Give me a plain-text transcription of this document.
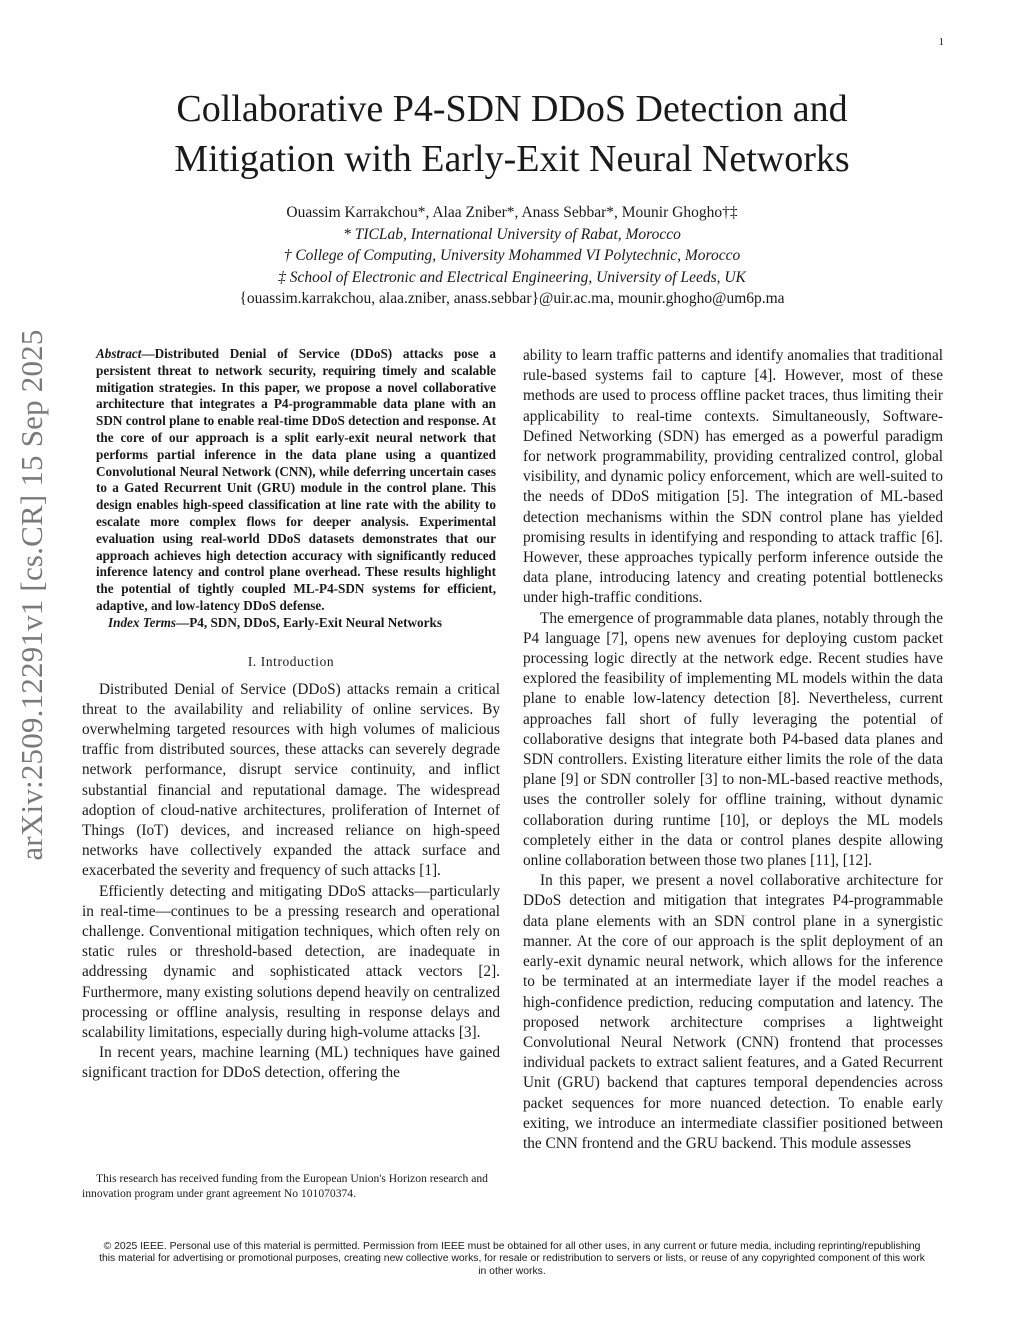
1
Collaborative P4-SDN DDoS Detection and
Mitigation with Early-Exit Neural Networks
Ouassim Karrakchou*, Alaa Zniber*, Anass Sebbar*, Mounir Ghogho†‡
* TICLab, International University of Rabat, Morocco
† College of Computing, University Mohammed VI Polytechnic, Morocco
‡ School of Electronic and Electrical Engineering, University of Leeds, UK
{ouassim.karrakchou, alaa.zniber, anass.sebbar}@uir.ac.ma, mounir.ghogho@um6p.ma
arXiv:2509.12291v1 [cs.CR] 15 Sep 2025	Abstract—Distributed Denial of Service (DDoS) attacks pose a persistent threat to network security, requiring timely and scalable mitigation strategies. In this paper, we propose a novel collaborative architecture that integrates a P4-programmable data plane with an SDN control plane to enable real-time DDoS detection and response. At the core of our approach is a split early-exit neural network that performs partial inference in the data plane using a quantized Convolutional Neural Network (CNN), while deferring uncertain cases to a Gated Recurrent Unit (GRU) module in the control plane. This design enables high-speed classification at line rate with the ability to escalate more complex flows for deeper analysis. Experimental evaluation using real-world DDoS datasets demonstrates that our approach achieves high detection accuracy with significantly reduced inference latency and control plane overhead. These results highlight the potential of tightly coupled ML-P4-SDN systems for efficient, adaptive, and low-latency DDoS defense.

Index Terms—P4, SDN, DDoS, Early-Exit Neural Networks

I. Introduction

Distributed Denial of Service (DDoS) attacks remain a critical threat to the availability and reliability of online services. By overwhelming targeted resources with high volumes of malicious traffic from distributed sources, these attacks can severely degrade network performance, disrupt service continuity, and inflict substantial financial and reputational damage. The widespread adoption of cloud-native architectures, proliferation of Internet of Things (IoT) devices, and increased reliance on high-speed networks have collectively expanded the attack surface and exacerbated the severity and frequency of such attacks [1].

Efficiently detecting and mitigating DDoS attacks—particularly in real-time—continues to be a pressing research and operational challenge. Conventional mitigation techniques, which often rely on static rules or threshold-based detection, are inadequate in addressing dynamic and sophisticated attack vectors [2]. Furthermore, many existing solutions depend heavily on centralized processing or offline analysis, resulting in response delays and scalability limitations, especially during high-volume attacks [3].

In recent years, machine learning (ML) techniques have gained significant traction for DDoS detection, offering the

ability to learn traffic patterns and identify anomalies that traditional rule-based systems fail to capture [4]. However, most of these methods are used to process offline packet traces, thus limiting their applicability to real-time contexts. Simultaneously, Software-Defined Networking (SDN) has emerged as a powerful paradigm for network programmability, providing centralized control, global visibility, and dynamic policy enforcement, which are well-suited to the needs of DDoS mitigation [5]. The integration of ML-based detection mechanisms within the SDN control plane has yielded promising results in identifying and responding to attack traffic [6]. However, these approaches typically perform inference outside the data plane, introducing latency and creating potential bottlenecks under high-traffic conditions.

The emergence of programmable data planes, notably through the P4 language [7], opens new avenues for deploying custom packet processing logic directly at the network edge. Recent studies have explored the feasibility of implementing ML models within the data plane to enable low-latency detection [8]. Nevertheless, current approaches fall short of fully leveraging the potential of collaborative designs that integrate both P4-based data planes and SDN controllers. Existing literature either limits the role of the data plane [9] or SDN controller [3] to non-ML-based reactive methods, uses the controller solely for offline training, without dynamic collaboration during runtime [10], or deploys the ML models completely either in the data or control planes despite allowing online collaboration between those two planes [11], [12].

In this paper, we present a novel collaborative architecture for DDoS detection and mitigation that integrates P4-programmable data plane elements with an SDN control plane in a synergistic manner. At the core of our approach is the split deployment of an early-exit dynamic neural network, which allows for the inference to be terminated at an intermediate layer if the model reaches a high-confidence prediction, reducing computation and latency. The proposed network architecture comprises a lightweight Convolutional Neural Network (CNN) frontend that processes individual packets to extract salient features, and a Gated Recurrent Unit (GRU) backend that captures temporal dependencies across packet sequences for more nuanced detection. To enable early exiting, we introduce an intermediate classifier positioned between the CNN frontend and the GRU backend. This module assesses

This research has received funding from the European Union's Horizon research and innovation program under grant agreement No 101070374.
© 2025 IEEE. Personal use of this material is permitted. Permission from IEEE must be obtained for all other uses, in any current or future media, including reprinting/republishing this material for advertising or promotional purposes, creating new collective works, for resale or redistribution to servers or lists, or reuse of any copyrighted component of this work in other works.
